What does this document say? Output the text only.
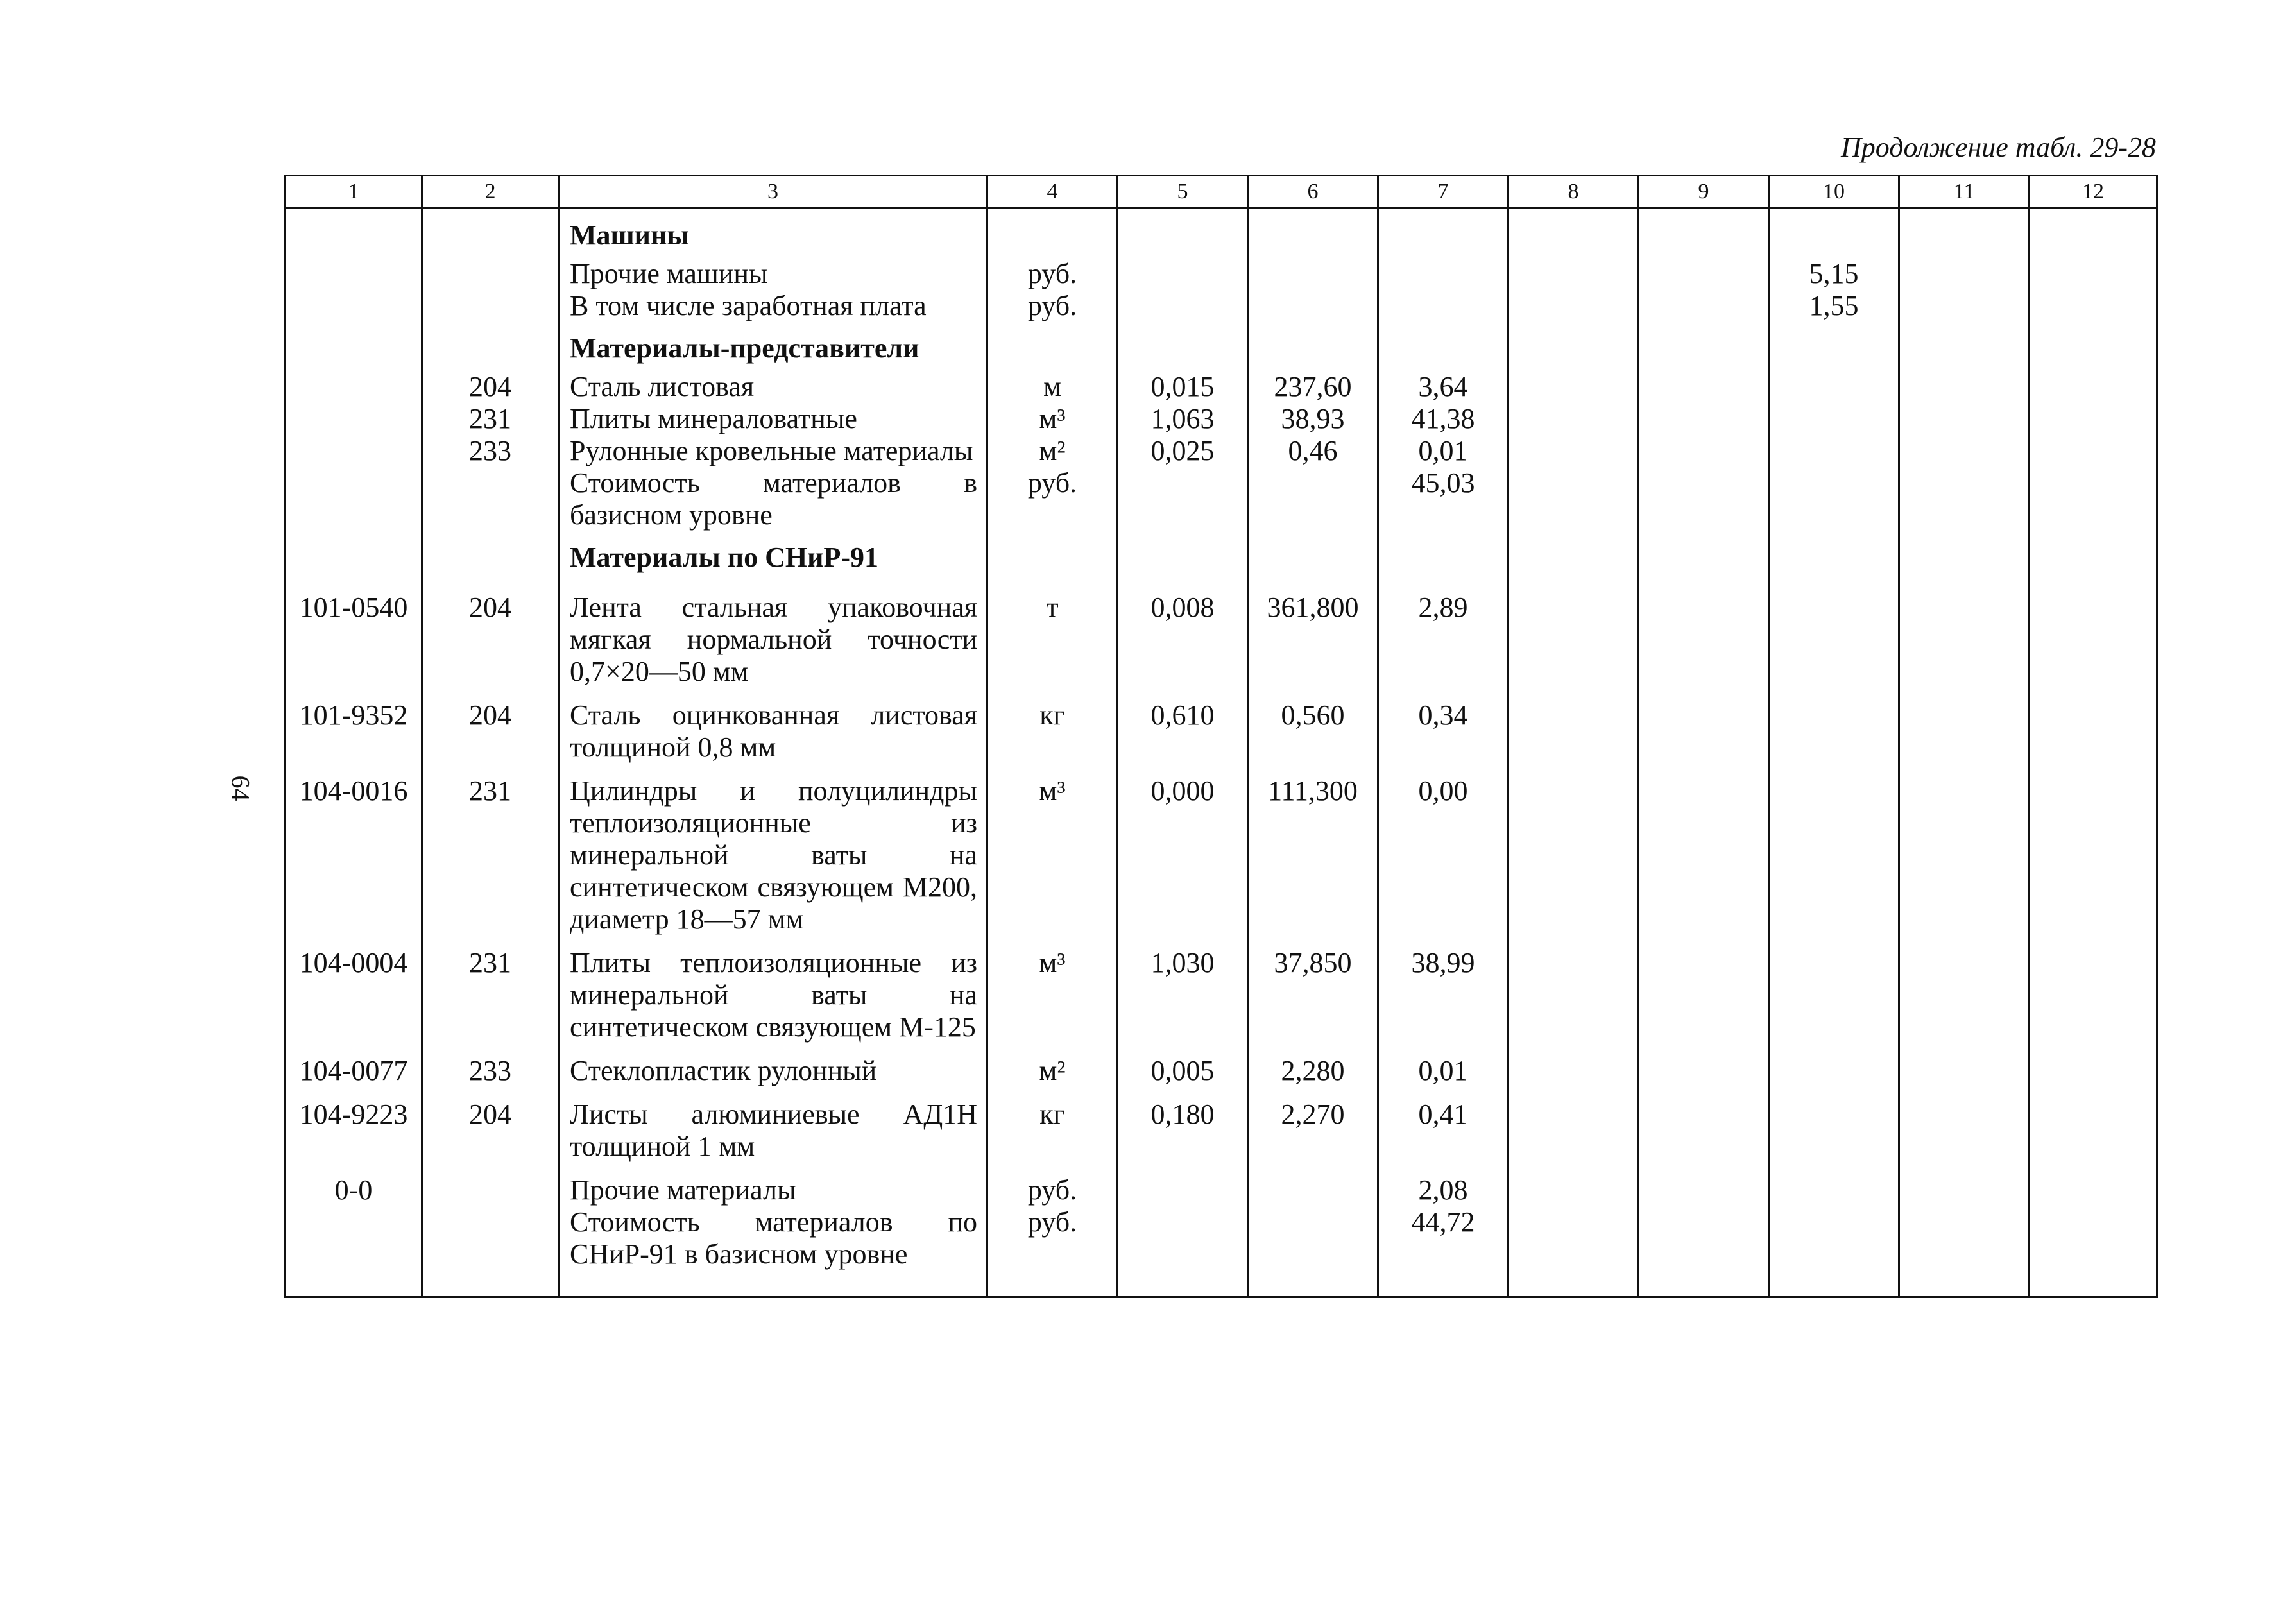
64
Продолжение табл. 29-28
1	2	3	4	5	6	7	8	9	10	11	12
		Машины									
		Прочие машины	руб.						5,15		
		В том числе заработная плата	руб.						1,55		
		Материалы-представители									
	204	Сталь листовая	м	0,015	237,60	3,64					
	231	Плиты минераловатные	м³	1,063	38,93	41,38					
	233	Рулонные кровельные материалы	м²	0,025	0,46	0,01					
		Стоимость материалов в базисном уровне	руб.			45,03					
		Материалы по СНиР-91									
101-0540	204	Лента стальная упаковочная мягкая нормальной точности 0,7×20—50 мм	т	0,008	361,800	2,89					
101-9352	204	Сталь оцинкованная листовая толщиной 0,8 мм	кг	0,610	0,560	0,34					
104-0016	231	Цилиндры и полуцилиндры теплоизоляционные из минеральной ваты на синтетическом связующем М200, диаметр 18—57 мм	м³	0,000	111,300	0,00					
104-0004	231	Плиты теплоизоляционные из минеральной ваты на синтетическом связующем М-125	м³	1,030	37,850	38,99					
104-0077	233	Стеклопластик рулонный	м²	0,005	2,280	0,01					
104-9223	204	Листы алюминиевые АД1Н толщиной 1 мм	кг	0,180	2,270	0,41					
0-0		Прочие материалы	руб.			2,08					
		Стоимость материалов по СНиР-91 в базисном уровне	руб.			44,72					
